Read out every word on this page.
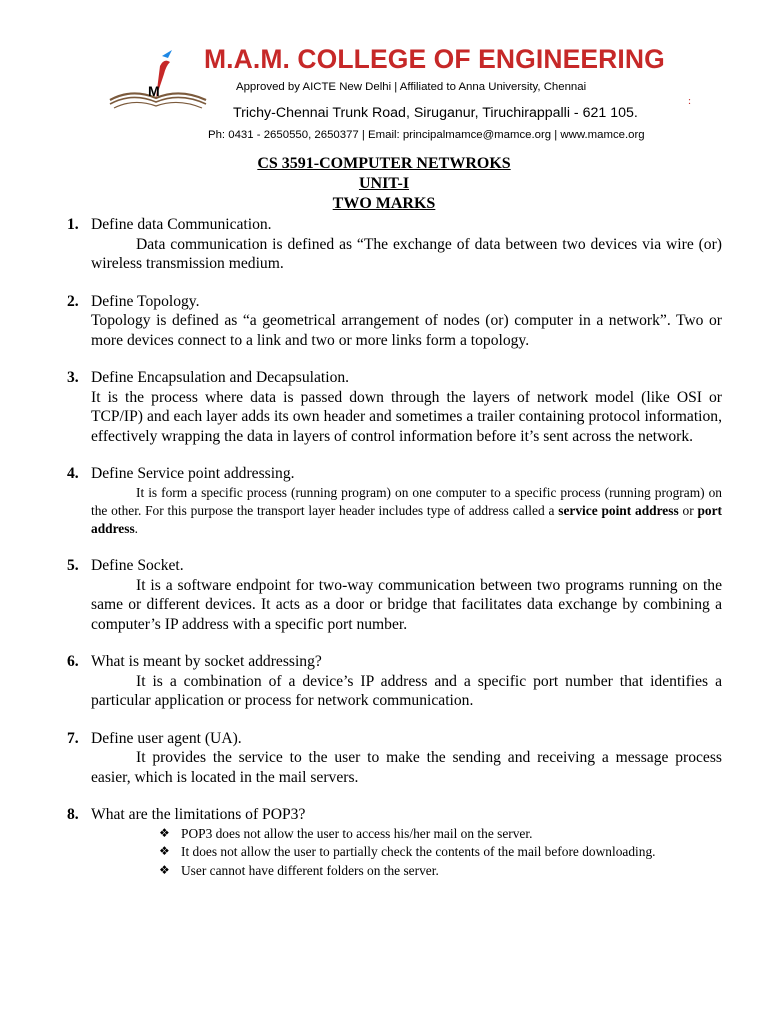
M
M.A.M. COLLEGE OF ENGINEERING
Approved by AICTE New Delhi | Affiliated to Anna University, Chennai
Trichy-Chennai Trunk Road, Siruganur, Tiruchirappalli - 621 105.
Ph: 0431 - 2650550, 2650377 | Email: principalmamce@mamce.org | www.mamce.org
:
CS 3591-COMPUTER NETWROKS
UNIT-I
TWO MARKS
1. Define data Communication.
Data communication is defined as “The exchange of data between two devices via wire (or) wireless transmission medium.
2. Define Topology.
Topology is defined as “a geometrical arrangement of nodes (or) computer in a network”. Two or more devices connect to a link and two or more links form a topology.
3. Define Encapsulation and Decapsulation.
It is the process where data is passed down through the layers of network model (like OSI or TCP/IP) and each layer adds its own header and sometimes a trailer containing protocol information, effectively wrapping the data in layers of control information before it’s sent across the network.
4. Define Service point addressing.
It is form a specific process (running program) on one computer to a specific process (running program) on the other. For this purpose the transport layer header includes type of address called a service point address or port address.
5. Define Socket.
It is a software endpoint for two-way communication between two programs running on the same or different devices. It acts as a door or bridge that facilitates data exchange by combining a computer’s IP address with a specific port number.
6. What is meant by socket addressing?
It is a combination of a device’s IP address and a specific port number that identifies a particular application or process for network communication.
7. Define user agent (UA).
It provides the service to the user to make the sending and receiving a message process easier, which is located in the mail servers.
8. What are the limitations of POP3?
❖ POP3 does not allow the user to access his/her mail on the server.
❖ It does not allow the user to partially check the contents of the mail before downloading.
❖ User cannot have different folders on the server.
